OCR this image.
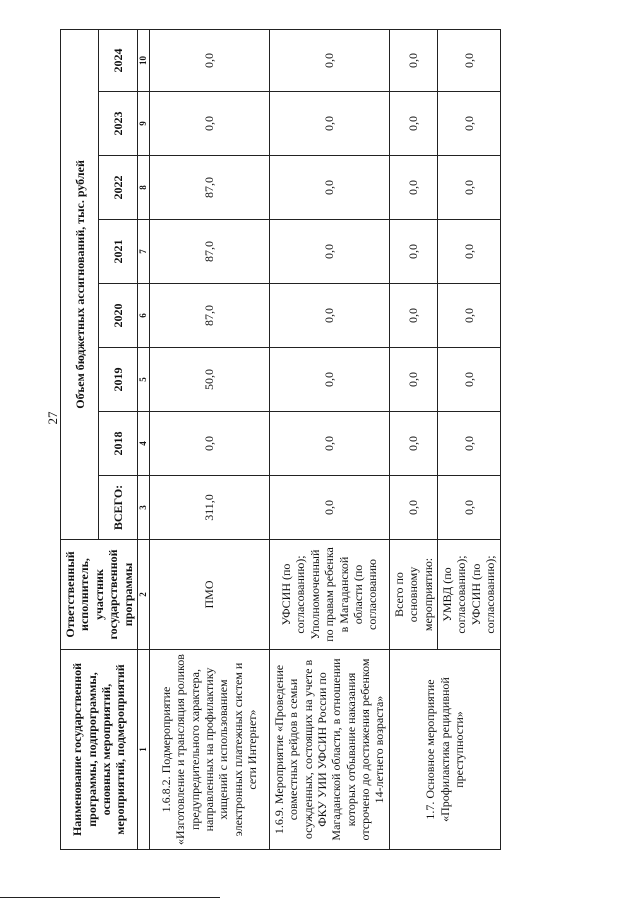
27
Наименование государственной программы, подпрограммы, основных мероприятий, мероприятий, подмероприятий	Ответственный исполнитель, участник государственной программы	Объем бюджетных ассигнований, тыс. рублей							
		ВСЕГО:	2018	2019	2020	2021	2022	2023	2024
1	2	3	4	5	6	7	8	9	10
1.6.8.2. Подмероприятие «Изготовление и трансляция роликов предупредительного характера, направленных на профилактику хищений с использованием электронных платежных систем и сети Интернет»	ПМО	311,0	0,0	50,0	87,0	87,0	87,0	0,0	0,0
1.6.9. Мероприятие «Проведение совместных рейдов в семьи осужденных, состоящих на учете в ФКУ УИИ УФСИН России по Магаданской области, в отношении которых отбывание наказания отсрочено до достижения ребенком 14-летнего возраста»	УФСИН (по согласованию); Уполномоченный по правам ребенка в Магаданской области (по согласованию	0,0	0,0	0,0	0,0	0,0	0,0	0,0	0,0
1.7. Основное мероприятие «Профилактика рецидивной преступности»	Всего по основному мероприятию:	0,0	0,0	0,0	0,0	0,0	0,0	0,0	0,0
	УМВД (по согласованию); УФСИН (по согласованию);	0,0	0,0	0,0	0,0	0,0	0,0	0,0	0,0
